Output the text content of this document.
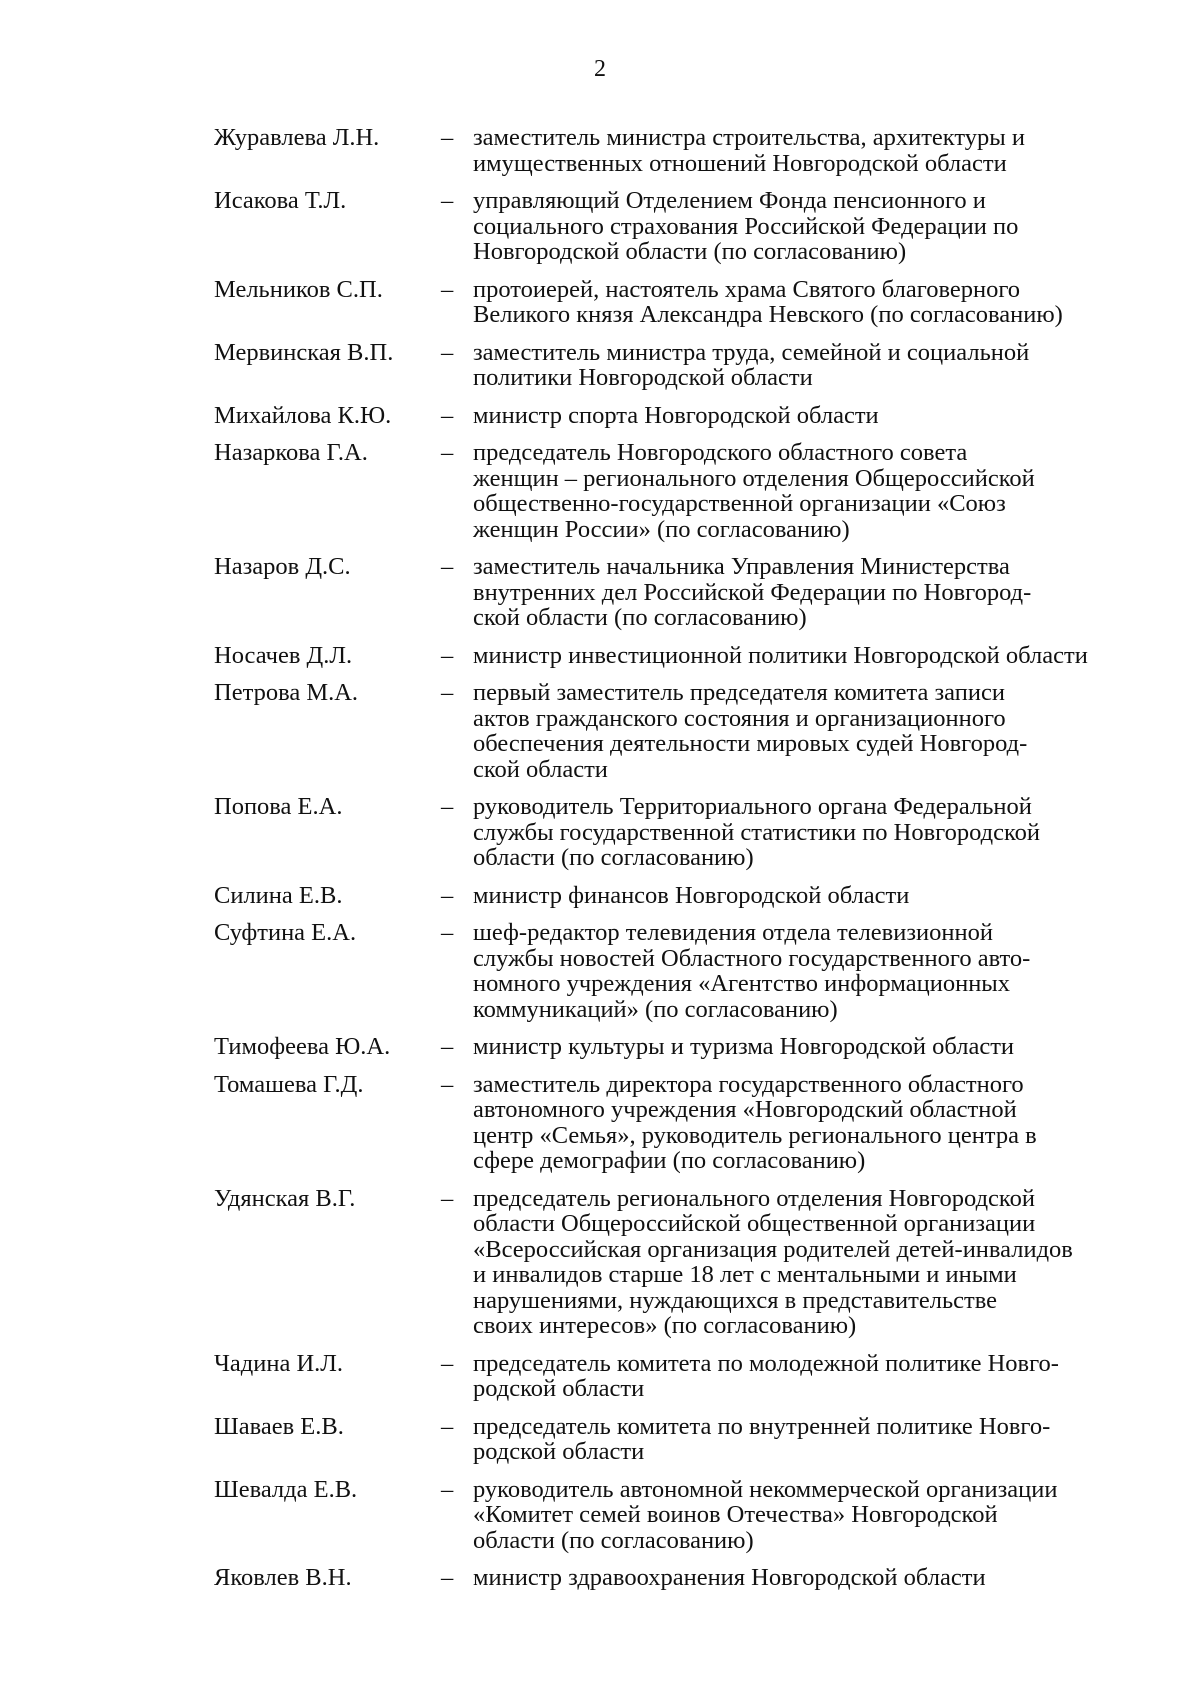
2
Журавлева Л.Н.	– заместитель министра строительства, архитектуры и
имущественных отношений Новгородской области
Исакова Т.Л.	– управляющий Отделением Фонда пенсионного и
социального страхования Российской Федерации по
Новгородской области (по согласованию)
Мельников С.П.	– протоиерей, настоятель храма Святого благоверного
Великого князя Александра Невского (по согласованию)
Мервинская В.П.	– заместитель министра труда, семейной и социальной
политики Новгородской области
Михайлова К.Ю.	– министр спорта Новгородской области
Назаркова Г.А.	– председатель Новгородского областного совета
женщин – регионального отделения Общероссийской
общественно-государственной организации «Союз
женщин России» (по согласованию)
Назаров Д.С.	– заместитель начальника Управления Министерства
внутренних дел Российской Федерации по Новгород-
ской области (по согласованию)
Носачев Д.Л.	– министр инвестиционной политики Новгородской области
Петрова М.А.	– первый заместитель председателя комитета записи
актов гражданского состояния и организационного
обеспечения деятельности мировых судей Новгород-
ской области
Попова Е.А.	– руководитель Территориального органа Федеральной
службы государственной статистики по Новгородской
области (по согласованию)
Силина Е.В.	– министр финансов Новгородской области
Суфтина Е.А.	– шеф-редактор телевидения отдела телевизионной
службы новостей Областного государственного авто-
номного учреждения «Агентство информационных
коммуникаций» (по согласованию)
Тимофеева Ю.А.	– министр культуры и туризма Новгородской области
Томашева Г.Д.	– заместитель директора государственного областного
автономного учреждения «Новгородский областной
центр «Семья», руководитель регионального центра в
сфере демографии (по согласованию)
Удянская В.Г.	– председатель регионального отделения Новгородской
области Общероссийской общественной организации
«Всероссийская организация родителей детей-инвалидов
и инвалидов старше 18 лет с ментальными и иными
нарушениями, нуждающихся в представительстве
своих интересов» (по согласованию)
Чадина И.Л.	– председатель комитета по молодежной политике Новго-
родской области
Шаваев Е.В.	– председатель комитета по внутренней политике Новго-
родской области
Шевалда Е.В.	– руководитель автономной некоммерческой организации
«Комитет семей воинов Отечества» Новгородской
области (по согласованию)
Яковлев В.Н.	– министр здравоохранения Новгородской области
